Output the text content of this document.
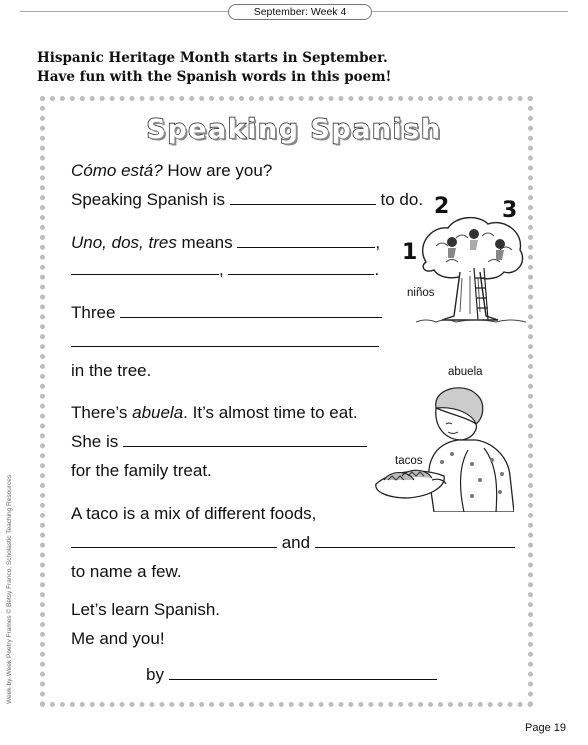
September: Week 4
Hispanic Heritage Month starts in September.
Have fun with the Spanish words in this poem!
Speaking Spanish
Cómo está? How are you?
Speaking Spanish is	to do.
Uno, dos, tres means	,
,	.
Three
in the tree.
There’s abuela. It’s almost time to eat.
She is
for the family treat.
A taco is a mix of different foods,
and
to name a few.
Let’s learn Spanish.
Me and you!
by
1
2 3
niños
abuela
tacos
Week-by-Week Poetry Frames © Betsy Franco, Scholastic Teaching Resources
Page 19
